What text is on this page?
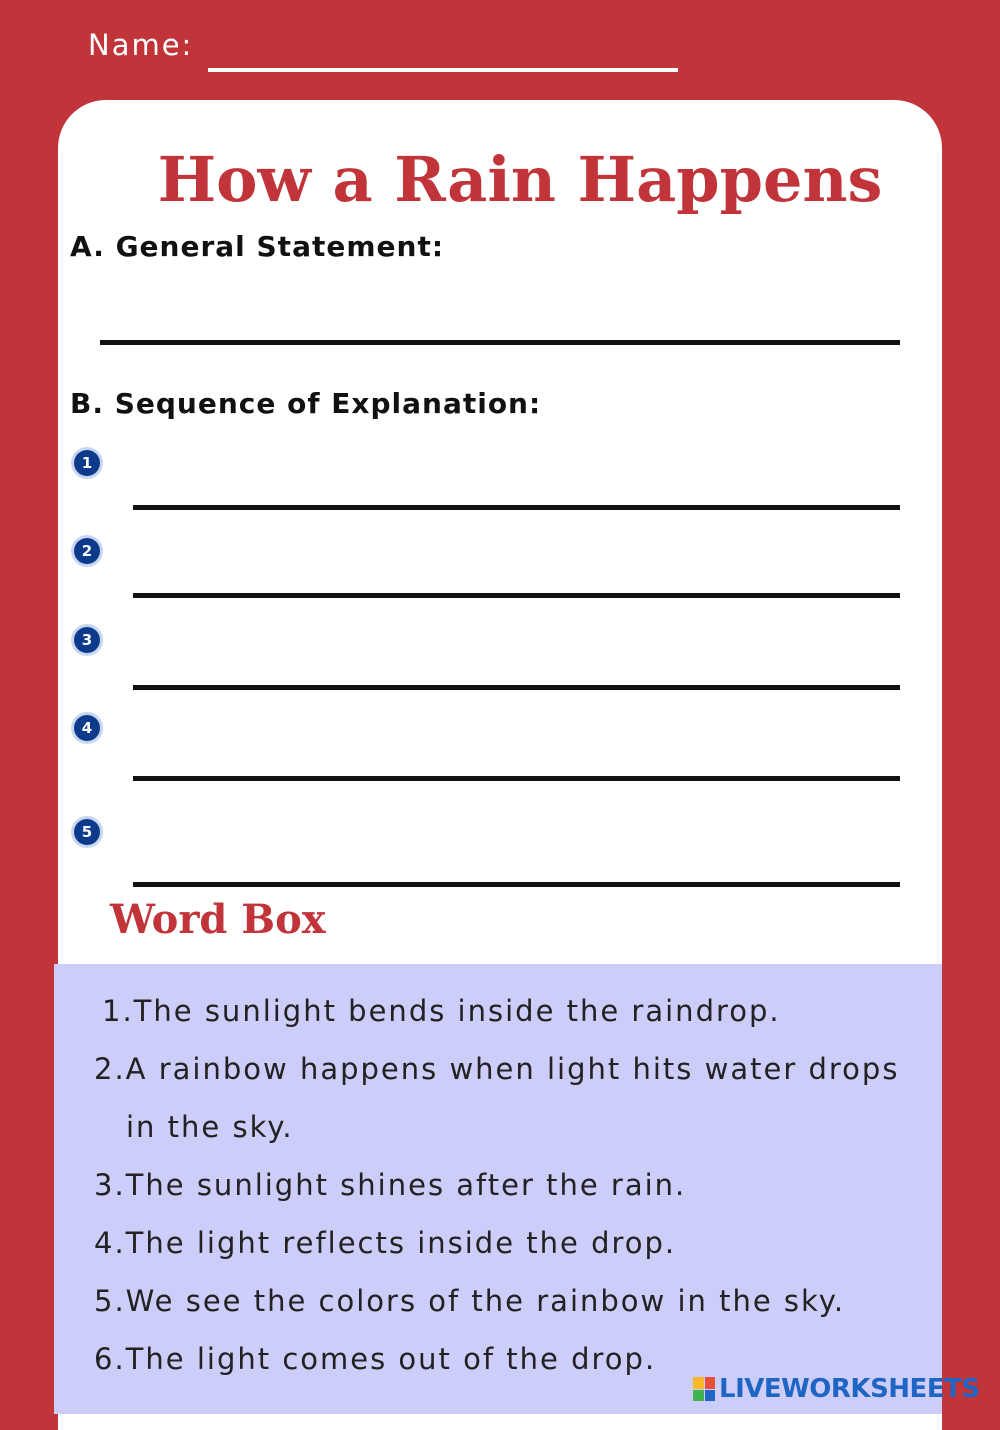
Name:
How a Rain Happens
A. General Statement:
B. Sequence of Explanation:
1
2
3
4
5
Word Box
1.The sunlight bends inside the raindrop.
2.A rainbow happens when light hits water drops
in the sky.
3.The sunlight shines after the rain.
4.The light reflects inside the drop.
5.We see the colors of the rainbow in the sky.
6.The light comes out of the drop.
LIVEWORKSHEETS
